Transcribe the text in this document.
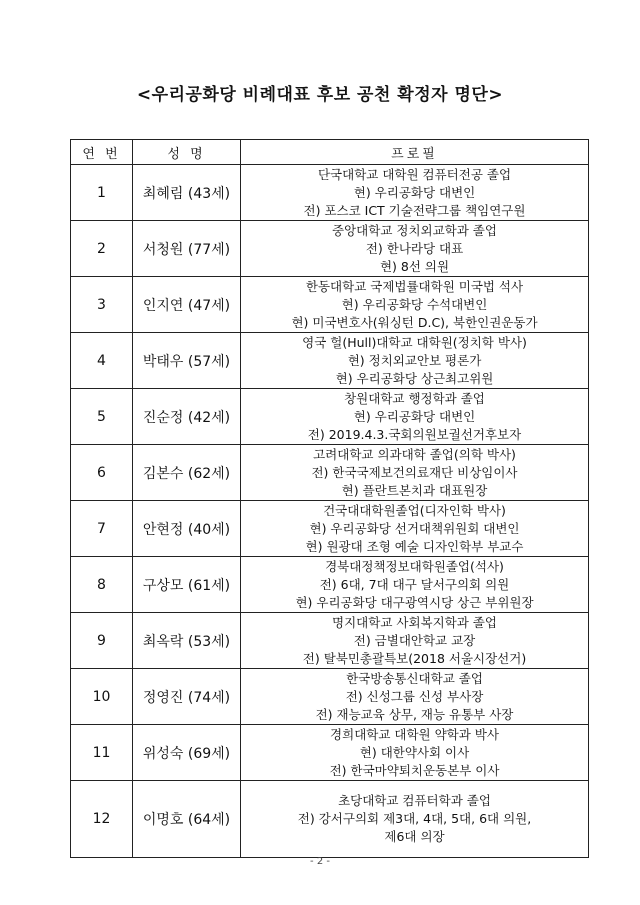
<우리공화당 비례대표 후보 공천 확정자 명단>
연 번	성 명	프로필
1	최혜림 (43세)	단국대학교 대학원 컴퓨터전공 졸업
현) 우리공화당 대변인
전) 포스코 ICT 기술전략그룹 책임연구원

2	서청원 (77세)	중앙대학교 정치외교학과 졸업
전) 한나라당 대표
현) 8선 의원

3	인지연 (47세)	한동대학교 국제법률대학원 미국법 석사
현) 우리공화당 수석대변인
현) 미국변호사(워싱턴 D.C), 북한인권운동가

4	박태우 (57세)	영국 헐(Hull)대학교 대학원(정치학 박사)
현) 정치외교안보 평론가
현) 우리공화당 상근최고위원

5	진순정 (42세)	창원대학교 행정학과 졸업
현) 우리공화당 대변인
전) 2019.4.3.국회의원보궐선거후보자

6	김본수 (62세)	고려대학교 의과대학 졸업(의학 박사)
전) 한국국제보건의료재단 비상임이사
현) 플란트본치과 대표원장

7	안현정 (40세)	건국대대학원졸업(디자인학 박사)
현) 우리공화당 선거대책위원회 대변인
현) 원광대 조형 예술 디자인학부 부교수

8	구상모 (61세)	경북대정책정보대학원졸업(석사)
전) 6대, 7대 대구 달서구의회 의원
현) 우리공화당 대구광역시당 상근 부위원장

9	최옥락 (53세)	명지대학교 사회복지학과 졸업
전) 금별대안학교 교장
전) 탈북민총괄특보(2018 서울시장선거)

10	정영진 (74세)	한국방송통신대학교 졸업
전) 신성그룹 신성 부사장
전) 재능교육 상무, 재능 유통부 사장

11	위성숙 (69세)	경희대학교 대학원 약학과 박사
현) 대한약사회 이사
전) 한국마약퇴치운동본부 이사

12	이명호 (64세)	초당대학교 컴퓨터학과 졸업
전) 강서구의회 제3대, 4대, 5대, 6대 의원,
제6대 의장
- 2 -
